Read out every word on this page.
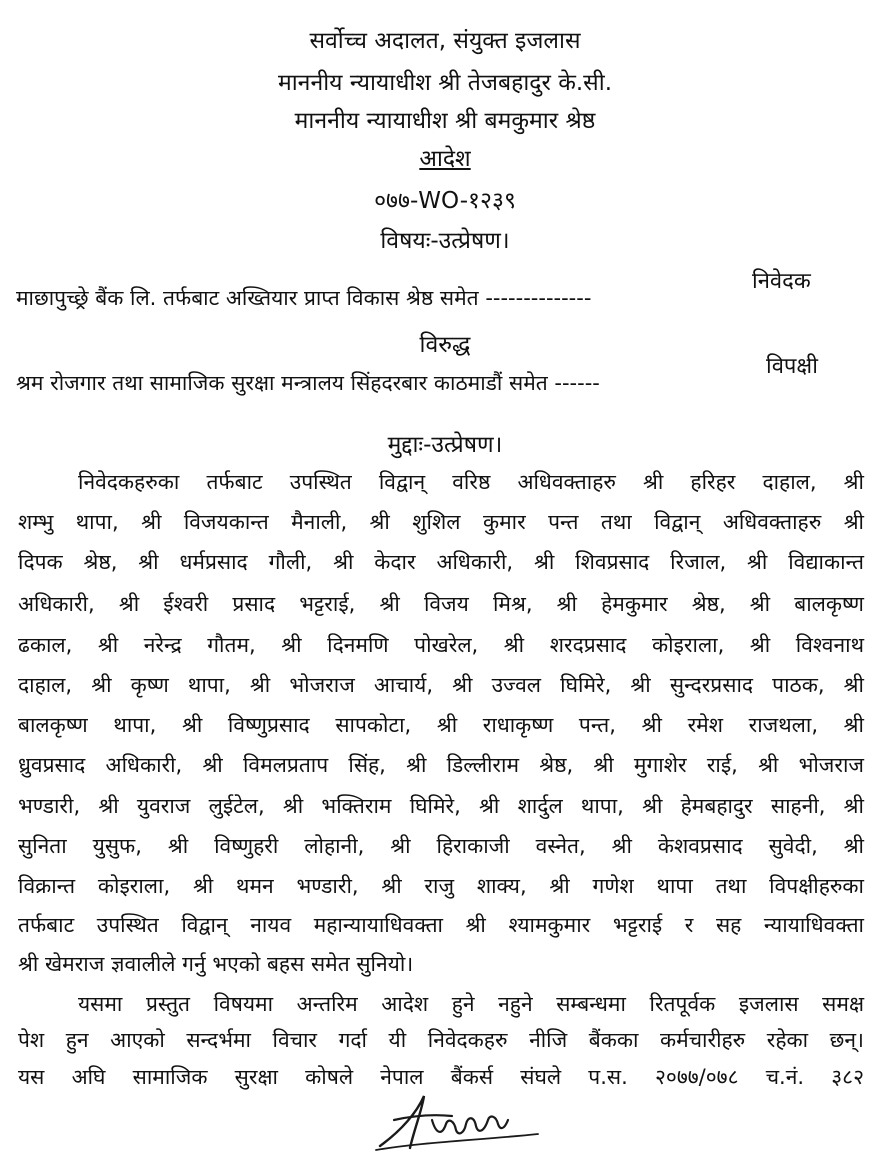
सर्वोच्च अदालत, संयुक्त इजलास
माननीय न्यायाधीश श्री तेजबहादुर के.सी.
माननीय न्यायाधीश श्री बमकुमार श्रेष्ठ
आदेश
०७७-WO-१२३९
विषयः-उत्प्रेषण।
माछापुच्छ्रे बैंक लि. तर्फबाट अख्तियार प्राप्त विकास श्रेष्ठ समेत --------------
निवेदक
विरुद्ध
श्रम रोजगार तथा सामाजिक सुरक्षा मन्त्रालय सिंहदरबार काठमाडौं समेत ------
विपक्षी
मुद्दाः-उत्प्रेषण।
निवेदकहरुका तर्फबाट उपस्थित विद्वान् वरिष्ठ अधिवक्ताहरु श्री हरिहर दाहाल, श्री
शम्भु थापा, श्री विजयकान्त मैनाली, श्री शुशिल कुमार पन्त तथा विद्वान् अधिवक्ताहरु श्री
दिपक श्रेष्ठ, श्री धर्मप्रसाद गौली, श्री केदार अधिकारी, श्री शिवप्रसाद रिजाल, श्री विद्याकान्त
अधिकारी, श्री ईश्वरी प्रसाद भट्टराई, श्री विजय मिश्र, श्री हेमकुमार श्रेष्ठ, श्री बालकृष्ण
ढकाल, श्री नरेन्द्र गौतम, श्री दिनमणि पोखरेल, श्री शरदप्रसाद कोइराला, श्री विश्वनाथ
दाहाल, श्री कृष्ण थापा, श्री भोजराज आचार्य, श्री उज्वल घिमिरे, श्री सुन्दरप्रसाद पाठक, श्री
बालकृष्ण थापा, श्री विष्णुप्रसाद सापकोटा, श्री राधाकृष्ण पन्त, श्री रमेश राजथला, श्री
ध्रुवप्रसाद अधिकारी, श्री विमलप्रताप सिंह, श्री डिल्लीराम श्रेष्ठ, श्री मुगाशेर राई, श्री भोजराज
भण्डारी, श्री युवराज लुईटेल, श्री भक्तिराम घिमिरे, श्री शार्दुल थापा, श्री हेमबहादुर साहनी, श्री
सुनिता युसुफ, श्री विष्णुहरी लोहानी, श्री हिराकाजी वस्नेत, श्री केशवप्रसाद सुवेदी, श्री
विक्रान्त कोइराला, श्री थमन भण्डारी, श्री राजु शाक्य, श्री गणेश थापा तथा विपक्षीहरुका
तर्फबाट उपस्थित विद्वान् नायव महान्यायाधिवक्ता श्री श्यामकुमार भट्टराई र सह न्यायाधिवक्ता
श्री खेमराज ज्ञवालीले गर्नु भएको बहस समेत सुनियो।
यसमा प्रस्तुत विषयमा अन्तरिम आदेश हुने नहुने सम्बन्धमा रितपूर्वक इजलास समक्ष
पेश हुन आएको सन्दर्भमा विचार गर्दा यी निवेदकहरु नीजि बैंकका कर्मचारीहरु रहेका छन्।
यस अघि सामाजिक सुरक्षा कोषले नेपाल बैंकर्स संघले प.स. २०७७/०७८ च.नं. ३८२
